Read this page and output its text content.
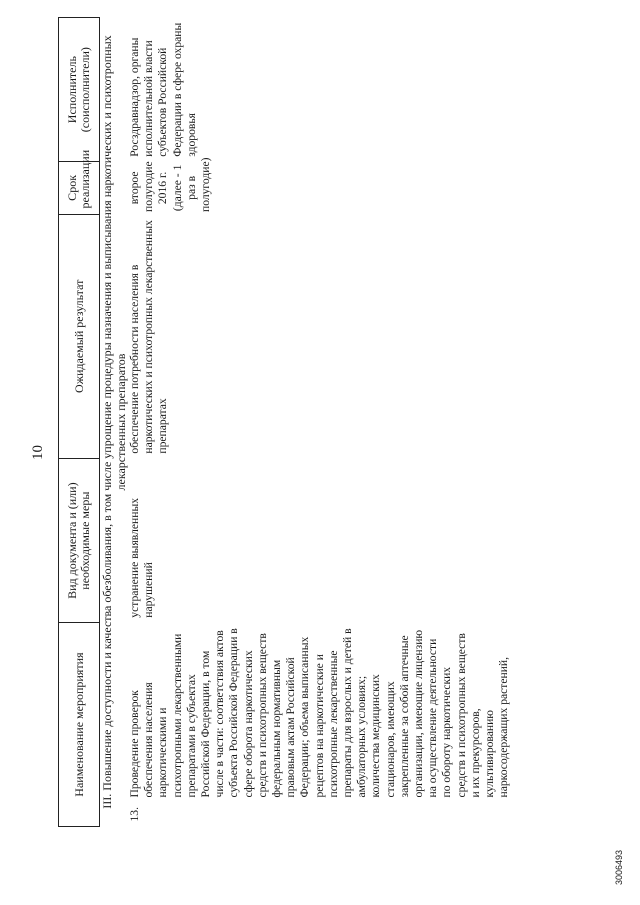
10
Наименование мероприятия	Вид документа и (или) необходимые меры	Ожидаемый результат	Срок реализации	Исполнитель (соисполнители)
III. Повышение доступности и качества обезболивания, в том числе упрощение процедуры назначения и выписывания наркотических и психотропных лекарственных препаратов				

13.
Проведение проверок обеспечения населения наркотическими и психотропными лекарственными препаратами в субъектах Российской Федерации, в том числе в части: соответствия актов субъекта Российской Федерации в сфере оборота наркотических средств и психотропных веществ федеральным нормативным правовым актам Российской Федерации; объема выписанных рецептов на наркотические и психотропные лекарственные препараты для взрослых и детей в амбулаторных условиях; количества медицинских стационаров, имеющих закрепленные за собой аптечные организации, имеющие лицензию на осуществление деятельности по обороту наркотических средств и психотропных веществ и их прекурсоров, культивированию наркосодержащих растений,	устранение выявленных нарушений	обеспечение потребности населения в наркотических и психотропных лекарственных препаратах	второе полугодие 2016 г. (далее - 1 раз в полугодие)	Росздравнадзор, органы исполнительной власти субъектов Российской Федерации в сфере охраны здоровья
3006493
